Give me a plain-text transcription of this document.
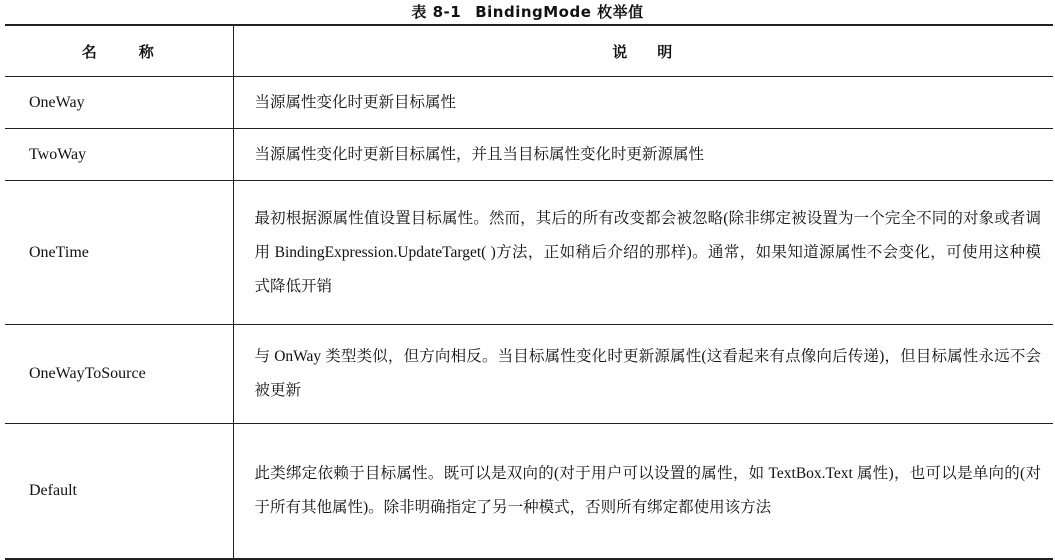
表 8-1 BindingMode 枚举值
名 称	说 明
OneWay	当源属性变化时更新目标属性
TwoWay	当源属性变化时更新目标属性，并且当目标属性变化时更新源属性
OneTime	最初根据源属性值设置目标属性。然而，其后的所有改变都会被忽略(除非绑定被设置为一个完全不同的对象或者调用 BindingExpression.UpdateTarget( )方法，正如稍后介绍的那样)。通常，如果知道源属性不会变化，可使用这种模式降低开销
OneWayToSource	与 OnWay 类型类似，但方向相反。当目标属性变化时更新源属性(这看起来有点像向后传递)，但目标属性永远不会被更新
Default	此类绑定依赖于目标属性。既可以是双向的(对于用户可以设置的属性，如 TextBox.Text 属性)，也可以是单向的(对于所有其他属性)。除非明确指定了另一种模式，否则所有绑定都使用该方法
